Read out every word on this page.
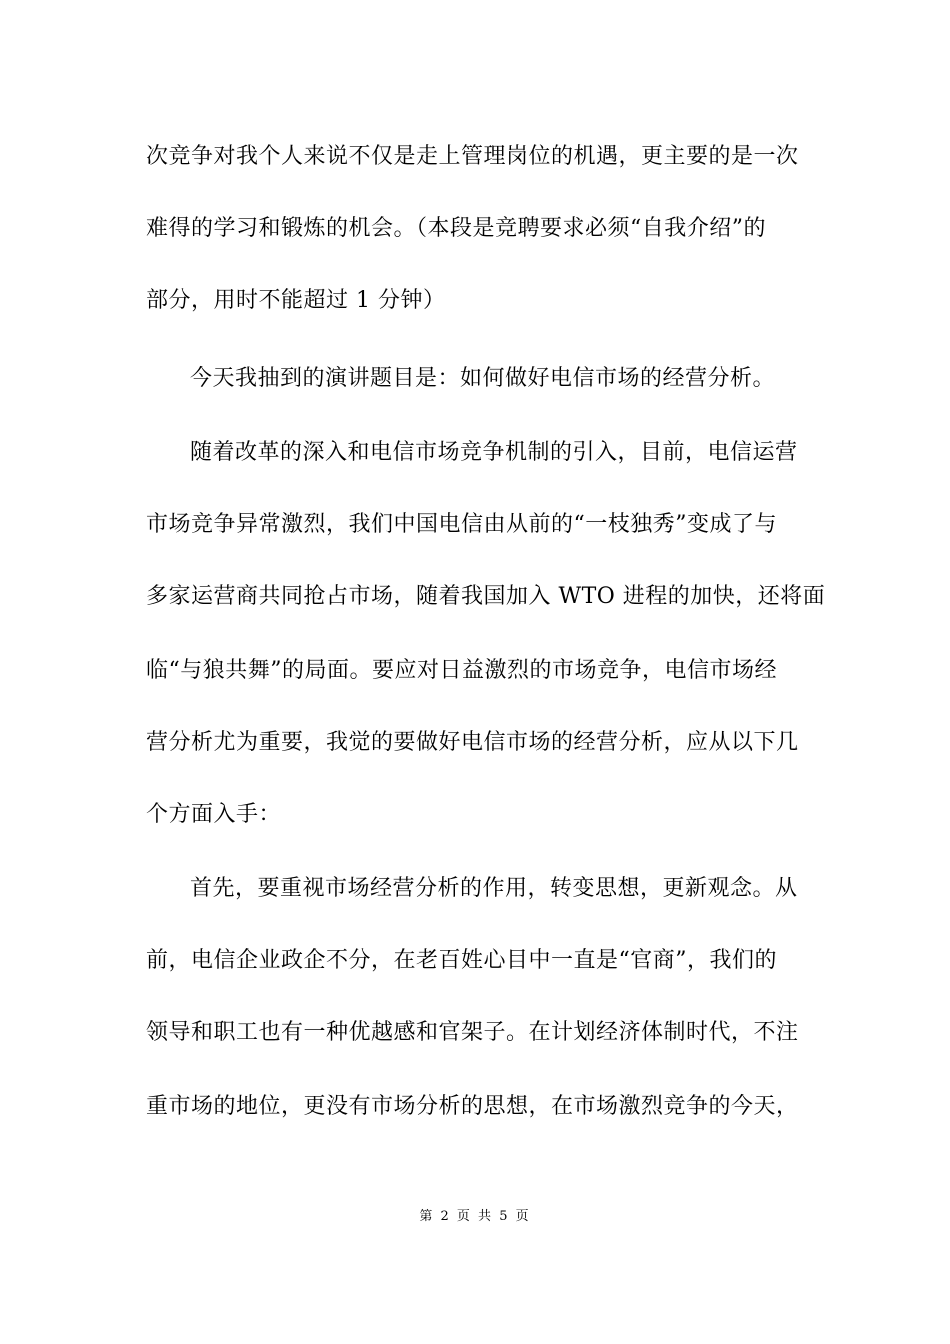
次竞争对我个人来说不仅是走上管理岗位的机遇，更主要的是一次
难得的学习和锻炼的机会。（本段是竞聘要求必须“自我介绍”的
部分，用时不能超过 1 分钟）
今天我抽到的演讲题目是：如何做好电信市场的经营分析。
随着改革的深入和电信市场竞争机制的引入，目前，电信运营
市场竞争异常激烈，我们中国电信由从前的“一枝独秀”变成了与
多家运营商共同抢占市场，随着我国加入 WTO 进程的加快，还将面
临“与狼共舞”的局面。要应对日益激烈的市场竞争，电信市场经
营分析尤为重要，我觉的要做好电信市场的经营分析，应从以下几
个方面入手：
首先，要重视市场经营分析的作用，转变思想，更新观念。从
前，电信企业政企不分，在老百姓心目中一直是“官商”，我们的
领导和职工也有一种优越感和官架子。在计划经济体制时代，不注
重市场的地位，更没有市场分析的思想，在市场激烈竞争的今天，
第 2 页 共 5 页
